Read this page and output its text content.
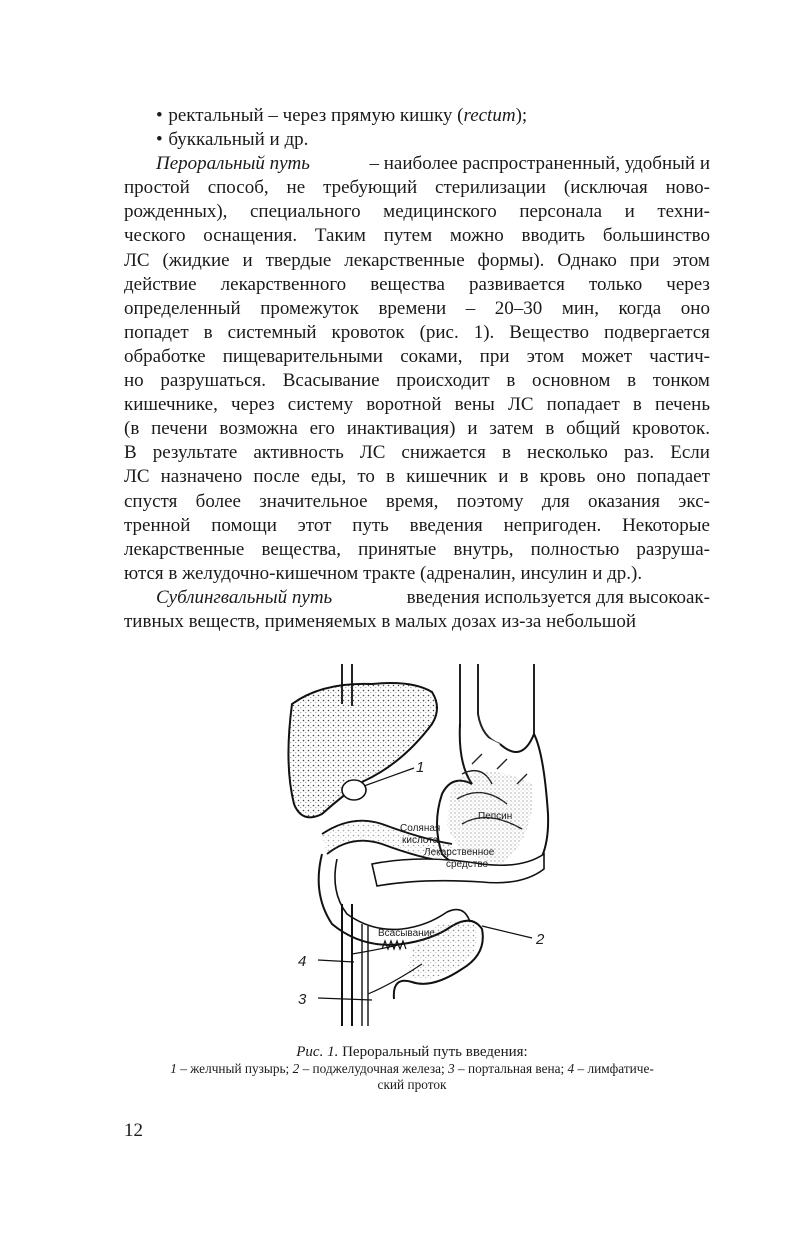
• ректальный – через прямую кишку (rectum);
• буккальный и др.
Пероральный путь	– наиболее распространенный, удобный и
простой способ, не требующий стерилизации (исключая ново-
рожденных), специального медицинского персонала и техни-
ческого оснащения. Таким путем можно вводить большинство
ЛС (жидкие и твердые лекарственные формы). Однако при этом
действие лекарственного вещества развивается только через
определенный промежуток времени – 20–30 мин, когда оно
попадет в системный кровоток (рис. 1). Вещество подвергается
обработке пищеварительными соками, при этом может частич-
но разрушаться. Всасывание происходит в основном в тонком
кишечнике, через систему воротной вены ЛС попадает в печень
(в печени возможна его инактивация) и затем в общий кровоток.
В результате активность ЛС снижается в несколько раз. Если
ЛС назначено после еды, то в кишечник и в кровь оно попадает
спустя более значительное время, поэтому для оказания экс-
тренной помощи этот путь введения непригоден. Некоторые
лекарственные вещества, принятые внутрь, полностью разруша-
ются в желудочно-кишечном тракте (адреналин, инсулин и др.).
Сублингвальный путь	введения используется для высокоак-
тивных веществ, применяемых в малых дозах из-за небольшой
Пепсин
Соляная
кислота
Лекарственное
средство
Всасывание
1
2
3
4
Рис. 1. Пероральный путь введения:
1 – желчный пузырь; 2 – поджелудочная железа; 3 – портальная вена; 4 – лимфатиче-
ский проток
12
